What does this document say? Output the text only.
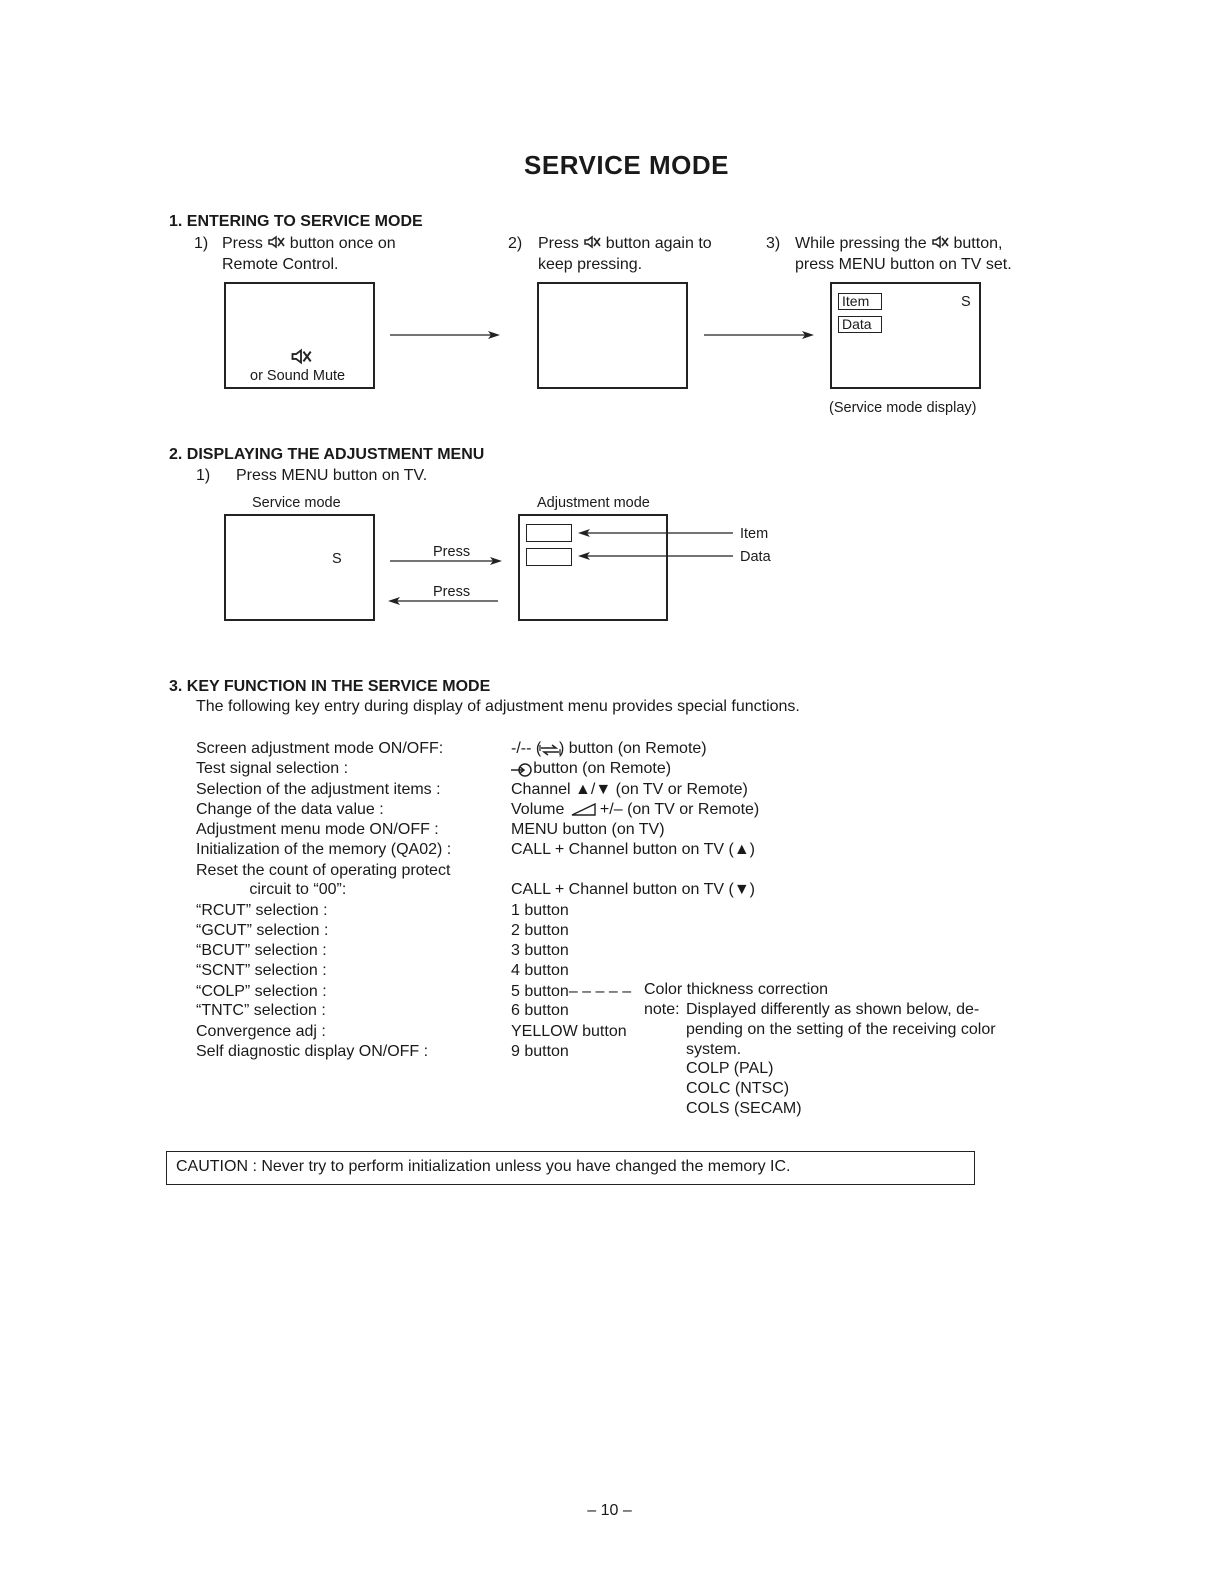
SERVICE MODE
1. ENTERING TO SERVICE MODE
1) Press  button once on
Remote Control.
2) Press  button again to
keep pressing.
3) While pressing the  button,
press MENU button on TV set.
or Sound Mute
Item
Data
S
(Service mode display)
2. DISPLAYING THE ADJUSTMENT MENU
1) Press MENU button on TV.
Service mode
S	Press
Press
Adjustment mode
Item
Data
3. KEY FUNCTION IN THE SERVICE MODE
The following key entry during display of adjustment menu provides special functions.
Screen adjustment mode ON/OFF:	-/-- (    ) button (on Remote)
Test signal selection :	button (on Remote)
Selection of the adjustment items :	Channel ▲/▼ (on TV or Remote)
Change of the data value :	Volume        +/– (on TV or Remote)
Adjustment menu mode ON/OFF :	MENU button (on TV)
Initialization of the memory (QA02) :	CALL + Channel button on TV (▲)
Reset the count of operating protect
circuit to “00”:	CALL + Channel button on TV (▼)
“RCUT” selection :	1 button
“GCUT” selection :	2 button
“BCUT” selection :	3 button
“SCNT” selection :	4 button
“COLP” selection :	5 button– – – – –
“TNTC” selection :	6 button
Convergence adj :	YELLOW button
Self diagnostic display ON/OFF :	9 button
Color thickness correction
note: Displayed differently as shown below, de-
pending on the setting of the receiving color
system.
COLP (PAL)
COLC (NTSC)
COLS (SECAM)
CAUTION : Never try to perform initialization unless you have changed the memory IC.
– 10 –
